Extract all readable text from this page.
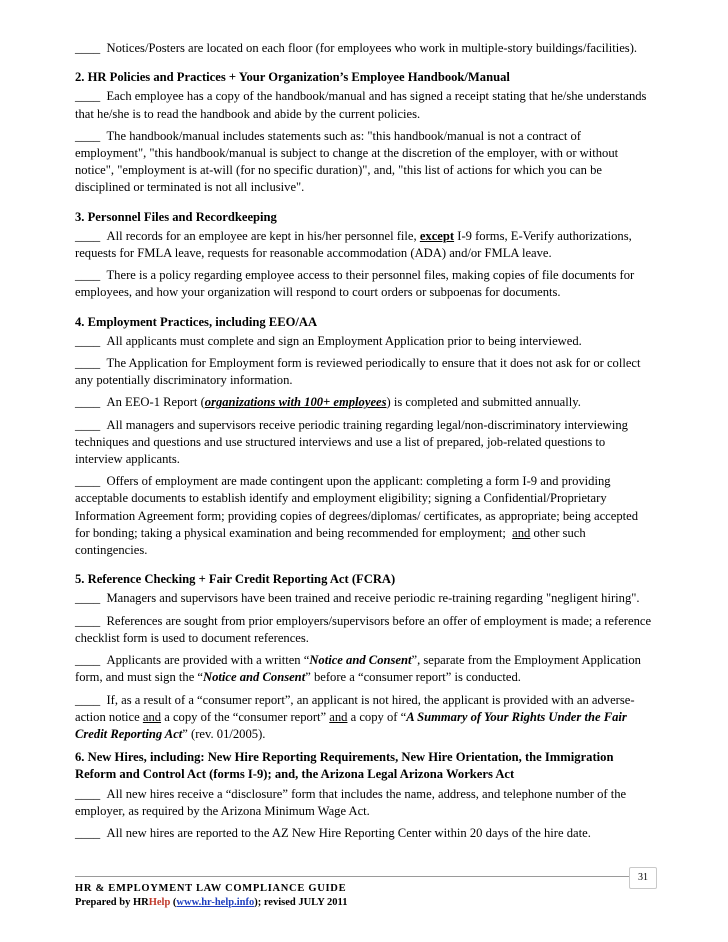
____ Notices/Posters are located on each floor (for employees who work in multiple-story buildings/facilities).

2. HR Policies and Practices + Your Organization’s Employee Handbook/Manual

____ Each employee has a copy of the handbook/manual and has signed a receipt stating that he/she understands that he/she is to read the handbook and abide by the current policies.

____ The handbook/manual includes statements such as: "this handbook/manual is not a contract of employment", "this handbook/manual is subject to change at the discretion of the employer, with or without notice", "employment is at-will (for no specific duration)", and, "this list of actions for which you can be disciplined or terminated is not all inclusive".

3. Personnel Files and Recordkeeping

____ All records for an employee are kept in his/her personnel file, except I-9 forms, E-Verify authorizations, requests for FMLA leave, requests for reasonable accommodation (ADA) and/or FMLA leave.

____ There is a policy regarding employee access to their personnel files, making copies of file documents for employees, and how your organization will respond to court orders or subpoenas for documents.

4. Employment Practices, including EEO/AA

____ All applicants must complete and sign an Employment Application prior to being interviewed.

____ The Application for Employment form is reviewed periodically to ensure that it does not ask for or collect any potentially discriminatory information.

____ An EEO-1 Report (organizations with 100+ employees) is completed and submitted annually.

____ All managers and supervisors receive periodic training regarding legal/non-discriminatory interviewing techniques and questions and use structured interviews and use a list of prepared, job-related questions to interview applicants.

____ Offers of employment are made contingent upon the applicant: completing a form I-9 and providing acceptable documents to establish identify and employment eligibility; signing a Confidential/Proprietary Information Agreement form; providing copies of degrees/diplomas/ certificates, as appropriate; being accepted for bonding; taking a physical examination and being recommended for employment; and other such contingencies.

5. Reference Checking + Fair Credit Reporting Act (FCRA)

____ Managers and supervisors have been trained and receive periodic re-training regarding "negligent hiring".

____ References are sought from prior employers/supervisors before an offer of employment is made; a reference checklist form is used to document references.

____ Applicants are provided with a written “Notice and Consent”, separate from the Employment Application form, and must sign the “Notice and Consent” before a “consumer report” is conducted.

____ If, as a result of a “consumer report”, an applicant is not hired, the applicant is provided with an adverse-action notice and a copy of the “consumer report” and a copy of “A Summary of Your Rights Under the Fair Credit Reporting Act” (rev. 01/2005).

6. New Hires, including: New Hire Reporting Requirements, New Hire Orientation, the Immigration Reform and Control Act (forms I-9); and, the Arizona Legal Arizona Workers Act

____ All new hires receive a “disclosure” form that includes the name, address, and telephone number of the employer, as required by the Arizona Minimum Wage Act.

____ All new hires are reported to the AZ New Hire Reporting Center within 20 days of the hire date.

31
HR & EMPLOYMENT LAW COMPLIANCE GUIDE
Prepared by HRHelp (www.hr-help.info); revised JULY 2011
